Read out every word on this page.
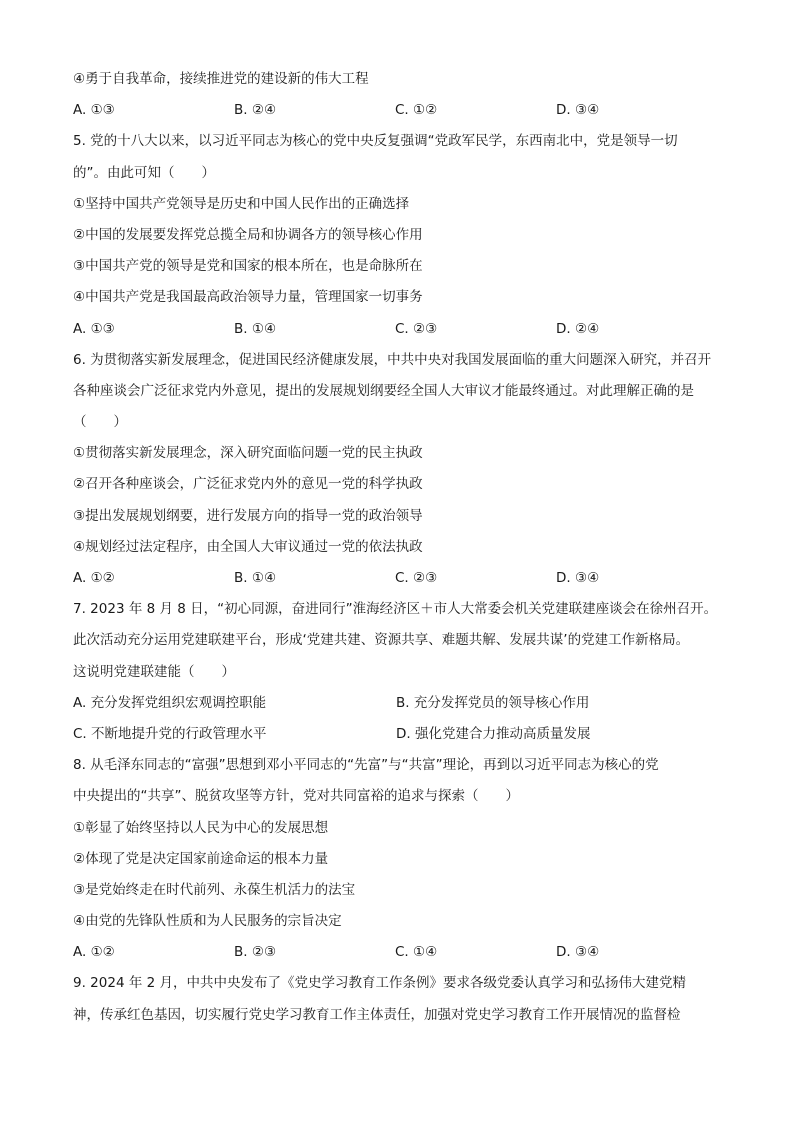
④勇于自我革命，接续推进党的建设新的伟大工程
A. ①③	B. ②④	C. ①②	D. ③④
5. 党的十八大以来，以习近平同志为核心的党中央反复强调“党政军民学，东西南北中，党是领导一切
的”。由此可知（　　）
①坚持中国共产党领导是历史和中国人民作出的正确选择
②中国的发展要发挥党总揽全局和协调各方的领导核心作用
③中国共产党的领导是党和国家的根本所在，也是命脉所在
④中国共产党是我国最高政治领导力量，管理国家一切事务
A. ①③	B. ①④	C. ②③	D. ②④
6. 为贯彻落实新发展理念，促进国民经济健康发展，中共中央对我国发展面临的重大问题深入研究，并召开
各种座谈会广泛征求党内外意见，提出的发展规划纲要经全国人大审议才能最终通过。对此理解正确的是
（　　）
①贯彻落实新发展理念，深入研究面临问题一党的民主执政
②召开各种座谈会，广泛征求党内外的意见一党的科学执政
③提出发展规划纲要，进行发展方向的指导一党的政治领导
④规划经过法定程序，由全国人大审议通过一党的依法执政
A. ①②	B. ①④	C. ②③	D. ③④
7. 2023 年 8 月 8 日，“初心同源，奋进同行”淮海经济区＋市人大常委会机关党建联建座谈会在徐州召开。
此次活动充分运用党建联建平台，形成‘党建共建、资源共享、难题共解、发展共谋’的党建工作新格局。
这说明党建联建能（　　）
A. 充分发挥党组织宏观调控职能	B. 充分发挥党员的领导核心作用
C. 不断地提升党的行政管理水平	D. 强化党建合力推动高质量发展
8. 从毛泽东同志的“富强”思想到邓小平同志的“先富”与“共富”理论，再到以习近平同志为核心的党
中央提出的“共享”、脱贫攻坚等方针，党对共同富裕的追求与探索（　　）
①彰显了始终坚持以人民为中心的发展思想
②体现了党是决定国家前途命运的根本力量
③是党始终走在时代前列、永葆生机活力的法宝
④由党的先锋队性质和为人民服务的宗旨决定
A. ①②	B. ②③	C. ①④	D. ③④
9. 2024 年 2 月，中共中央发布了《党史学习教育工作条例》要求各级党委认真学习和弘扬伟大建党精
神，传承红色基因，切实履行党史学习教育工作主体责任，加强对党史学习教育工作开展情况的监督检
